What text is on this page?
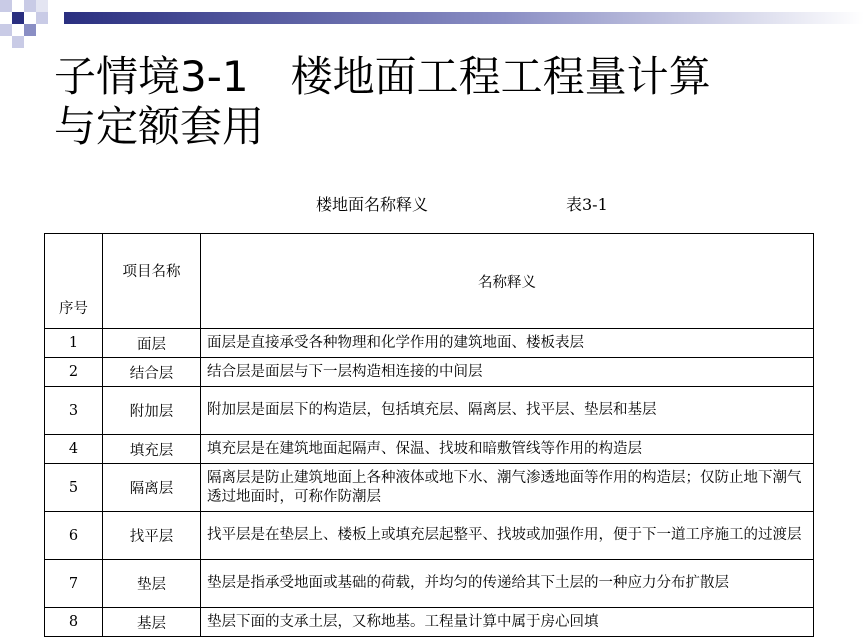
子情境3-1　楼地面工程工程量计算
与定额套用
楼地面名称释义	表3-1
序号	项目名称	名称释义
1	面层	面层是直接承受各种物理和化学作用的建筑地面、楼板表层
2	结合层	结合层是面层与下一层构造相连接的中间层
3	附加层	附加层是面层下的构造层，包括填充层、隔离层、找平层、垫层和基层
4	填充层	填充层是在建筑地面起隔声、保温、找坡和暗敷管线等作用的构造层
5	隔离层	隔离层是防止建筑地面上各种液体或地下水、潮气渗透地面等作用的构造层；仅防止地下潮气透过地面时，可称作防潮层
6	找平层	找平层是在垫层上、楼板上或填充层起整平、找坡或加强作用，便于下一道工序施工的过渡层
7	垫层	垫层是指承受地面或基础的荷载，并均匀的传递给其下土层的一种应力分布扩散层
8	基层	垫层下面的支承土层，又称地基。工程量计算中属于房心回填
